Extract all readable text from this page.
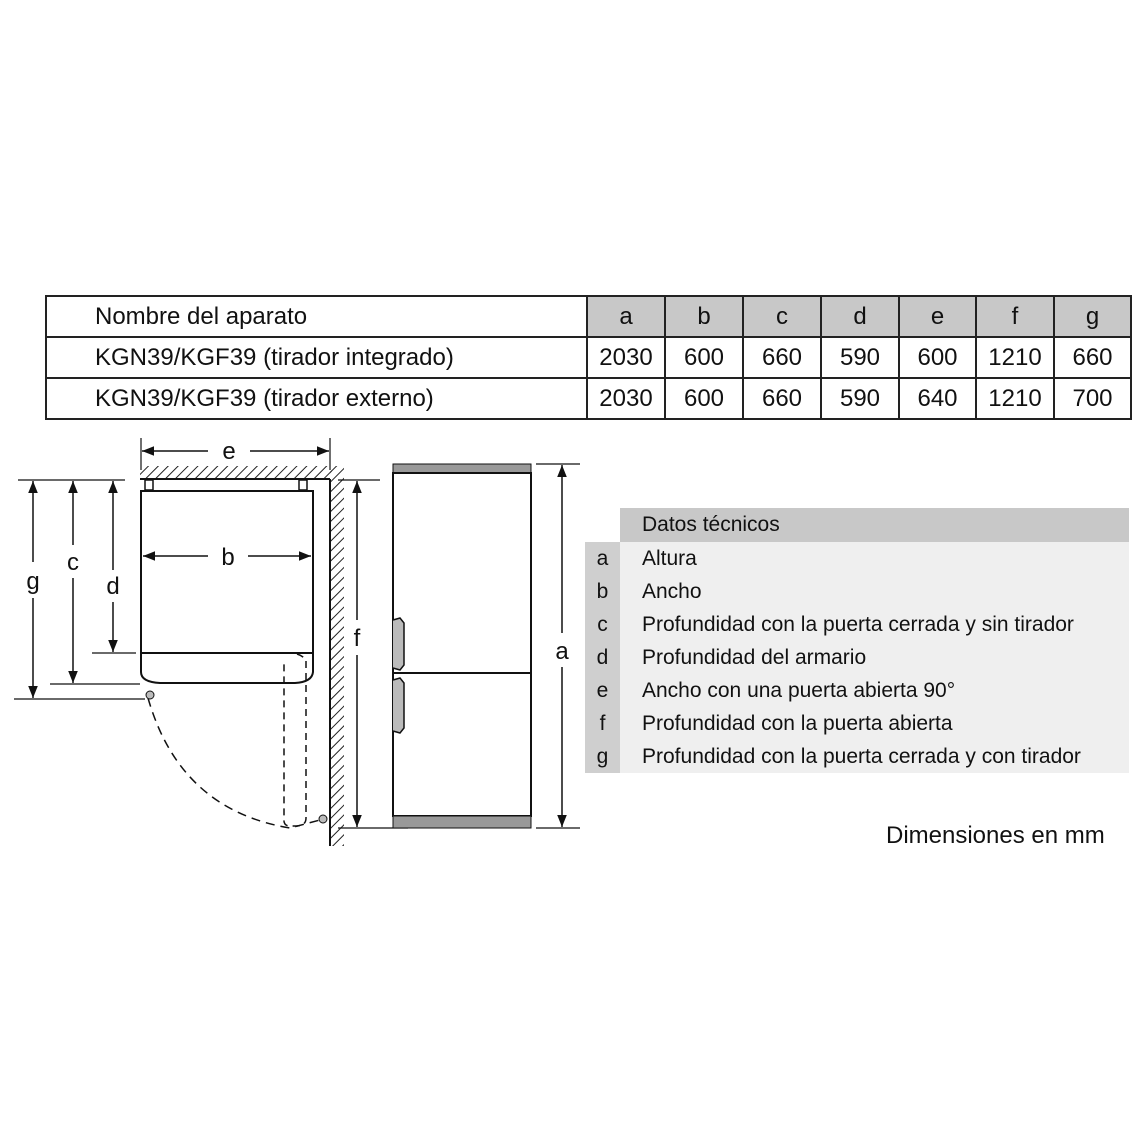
Nombre del aparato	a	b	c	d	e	f	g
KGN39/KGF39 (tirador integrado)	2030	600	660	590	600	1210	660
KGN39/KGF39 (tirador externo)	2030	600	660	590	640	1210	700
e
b
g
c
d
f	a
Datos técnicos
a	Altura
b	Ancho
c	Profundidad con la puerta cerrada y sin tirador
d	Profundidad del armario
e	Ancho con una puerta abierta 90°
f	Profundidad con la puerta abierta
g	Profundidad con la puerta cerrada y con tirador
Dimensiones en mm
